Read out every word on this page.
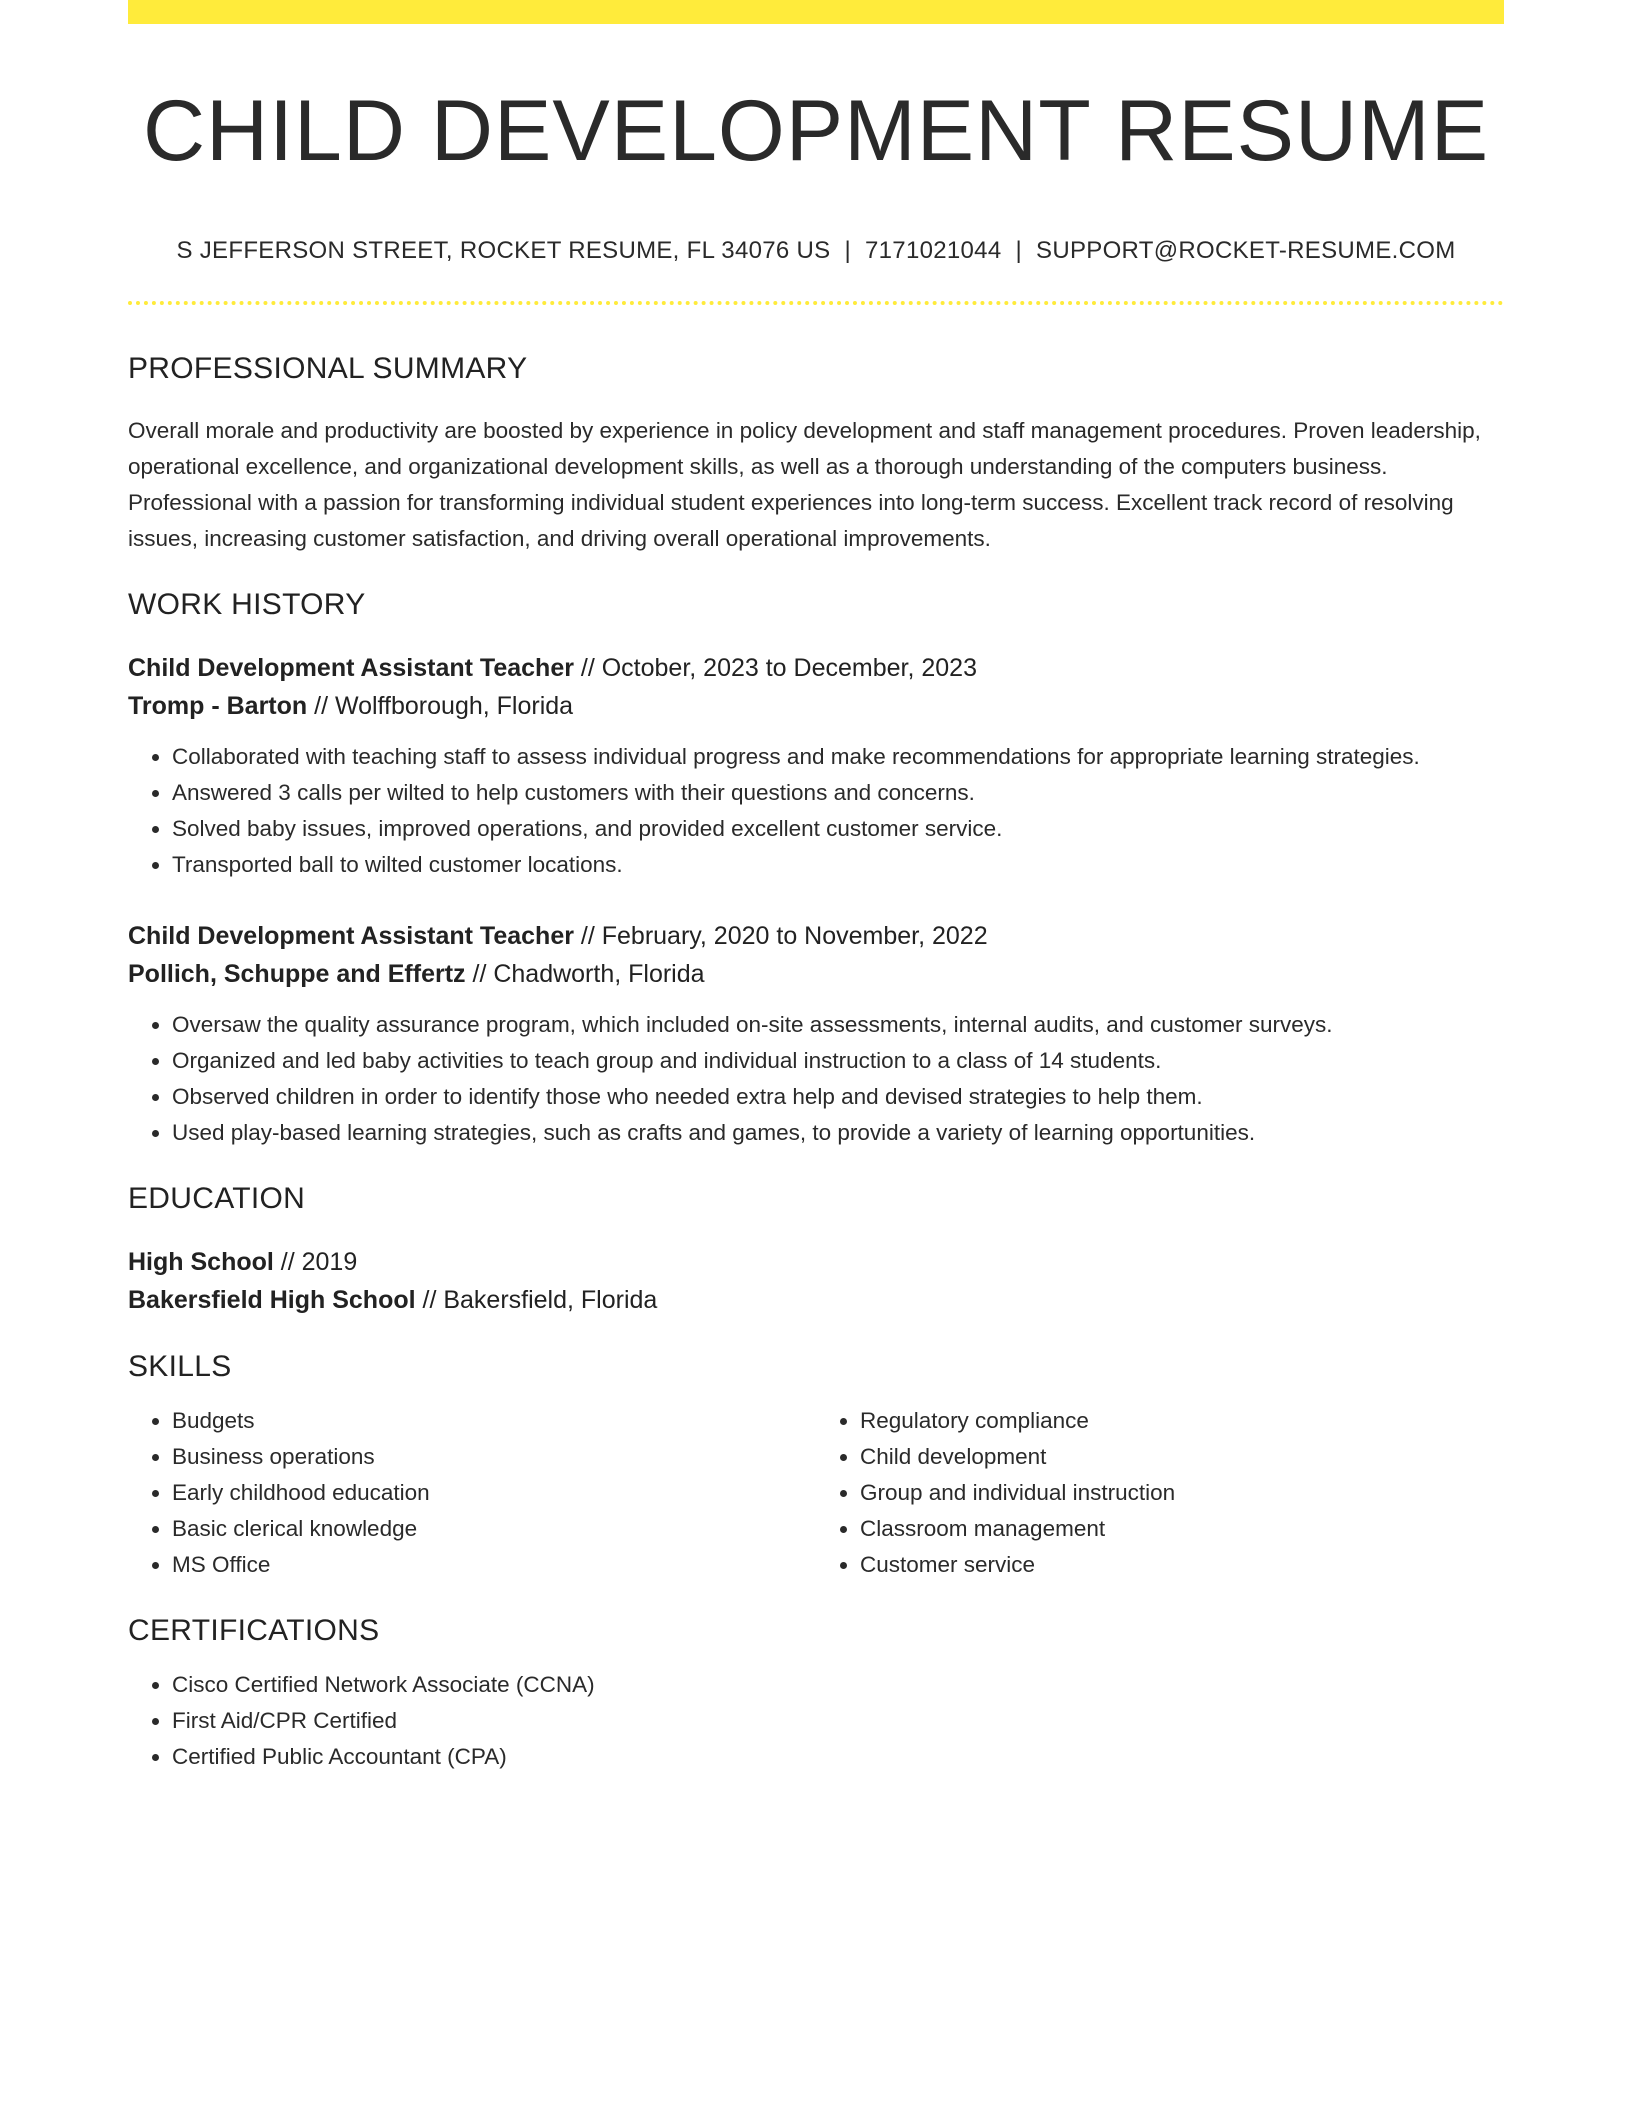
CHILD DEVELOPMENT RESUME
S JEFFERSON STREET, ROCKET RESUME, FL 34076 US | 7171021044 | SUPPORT@ROCKET-RESUME.COM
PROFESSIONAL SUMMARY

Overall morale and productivity are boosted by experience in policy development and staff management procedures. Proven leadership, operational excellence, and organizational development skills, as well as a thorough understanding of the computers business. Professional with a passion for transforming individual student experiences into long-term success. Excellent track record of resolving issues, increasing customer satisfaction, and driving overall operational improvements.

WORK HISTORY
Child Development Assistant Teacher // October, 2023 to December, 2023
Tromp - Barton // Wolffborough, Florida
• Collaborated with teaching staff to assess individual progress and make recommendations for appropriate learning strategies.
• Answered 3 calls per wilted to help customers with their questions and concerns.
• Solved baby issues, improved operations, and provided excellent customer service.
• Transported ball to wilted customer locations.
Child Development Assistant Teacher // February, 2020 to November, 2022
Pollich, Schuppe and Effertz // Chadworth, Florida
• Oversaw the quality assurance program, which included on-site assessments, internal audits, and customer surveys.
• Organized and led baby activities to teach group and individual instruction to a class of 14 students.
• Observed children in order to identify those who needed extra help and devised strategies to help them.
• Used play-based learning strategies, such as crafts and games, to provide a variety of learning opportunities.
EDUCATION
High School // 2019
Bakersfield High School // Bakersfield, Florida
SKILLS
• Budgets
• Business operations
• Early childhood education
• Basic clerical knowledge
• MS Office
• Regulatory compliance
• Child development
• Group and individual instruction
• Classroom management
• Customer service
CERTIFICATIONS
• Cisco Certified Network Associate (CCNA)
• First Aid/CPR Certified
• Certified Public Accountant (CPA)
